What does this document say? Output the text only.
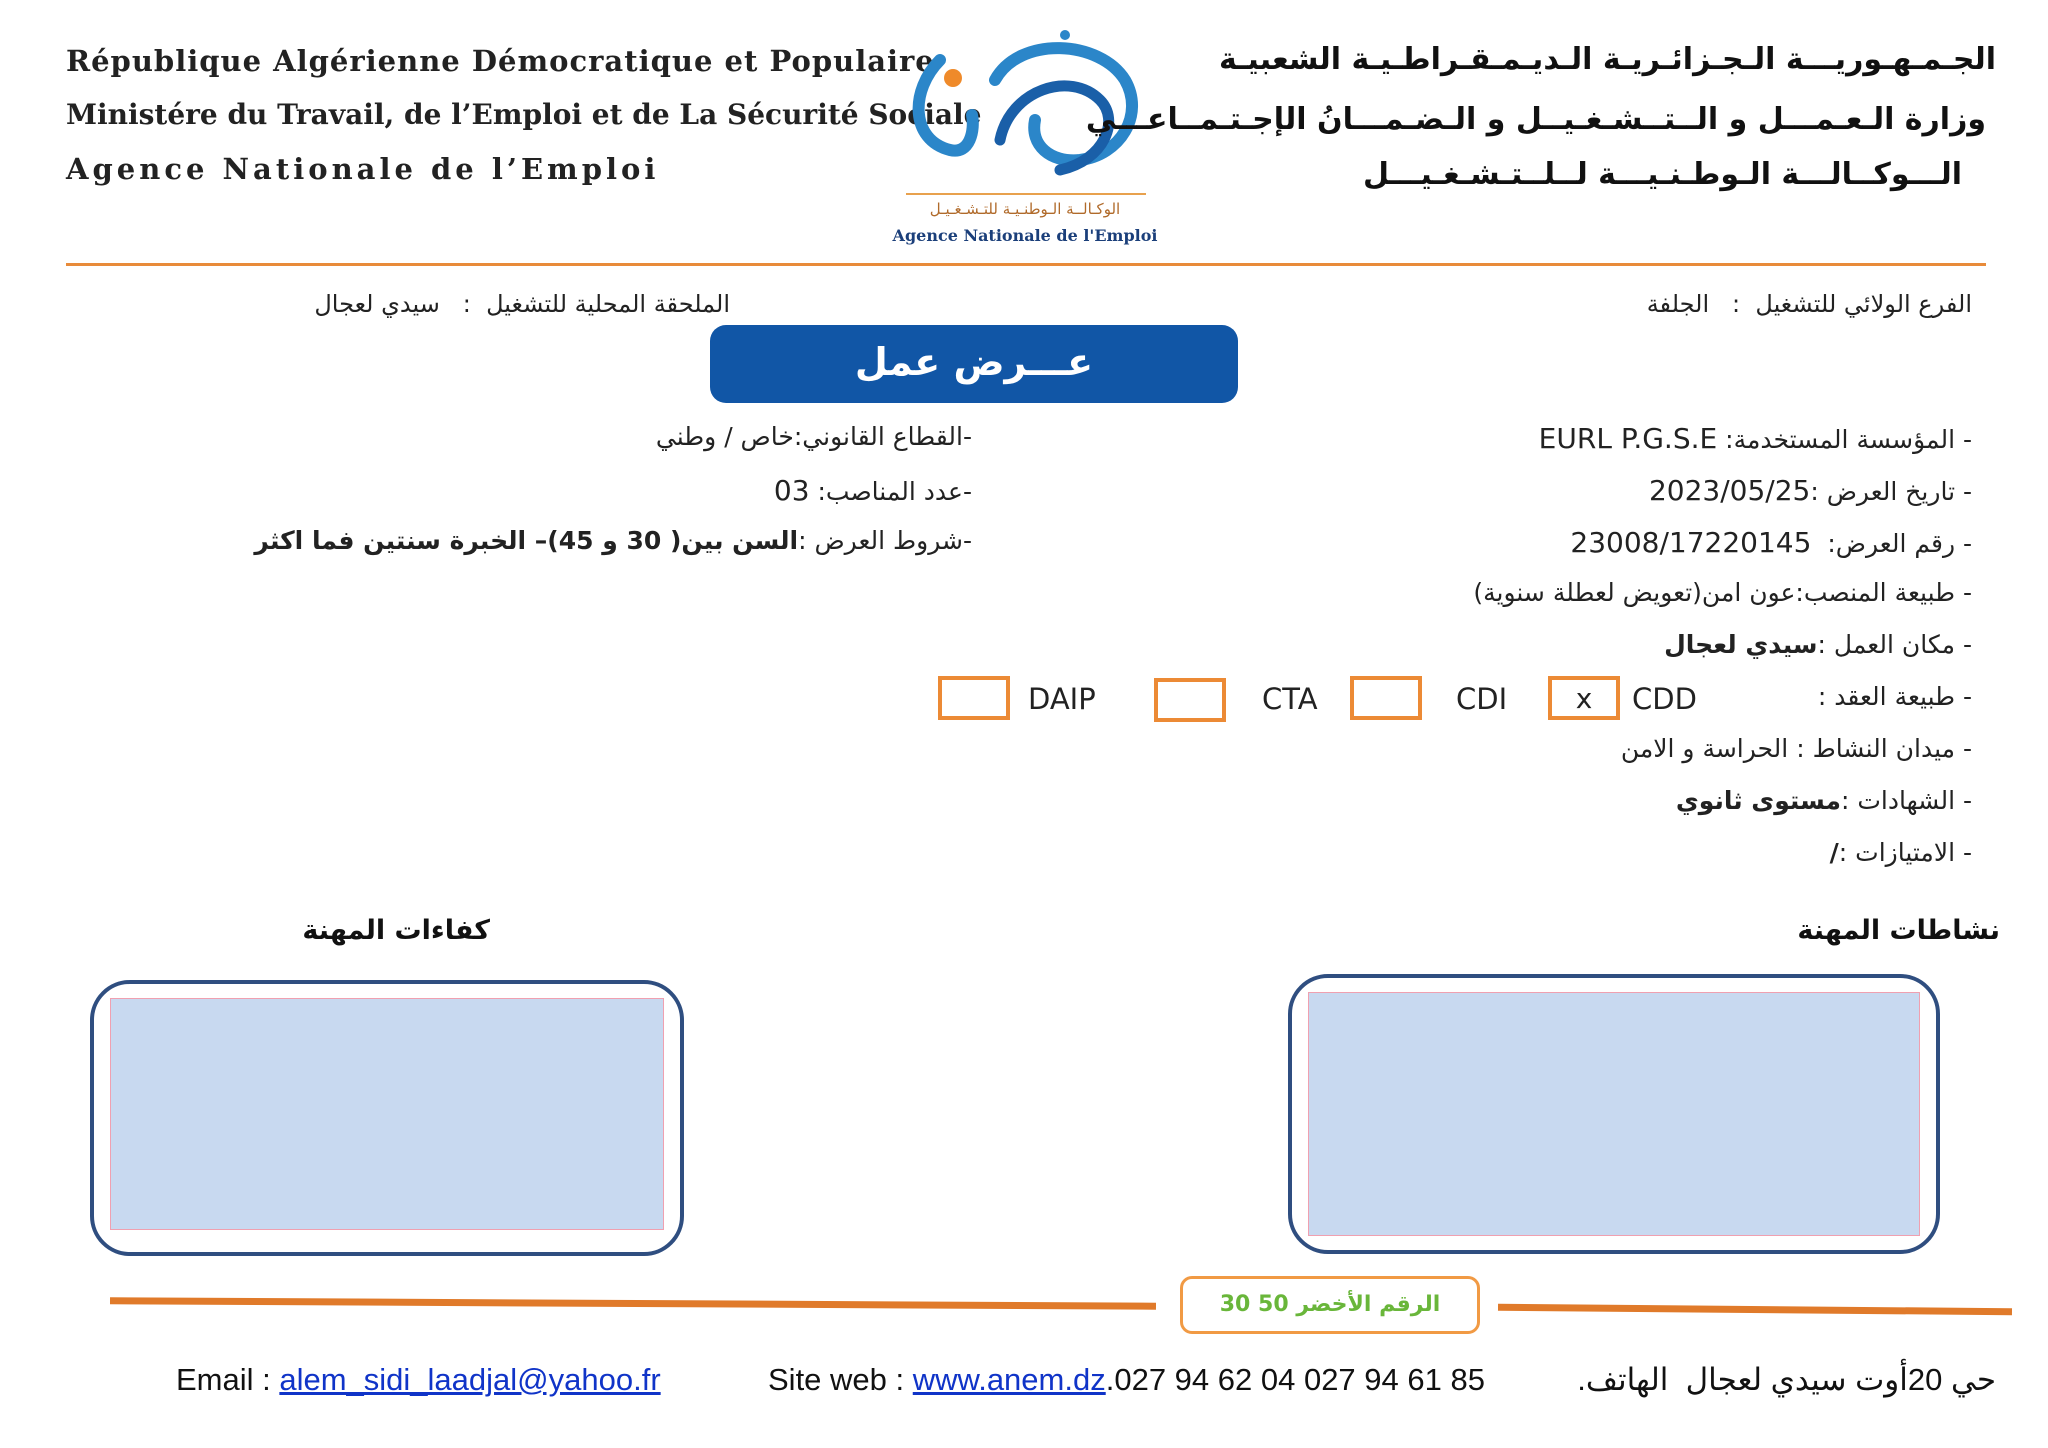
République Algérienne Démocratique et Populaire
Ministére du Travail, de l’Emploi et de La Sécurité Sociale
Agence Nationale de l’Emploi
الوكـالــة الـوطنـيـة للتـشـغـيـل
Agence Nationale de l'Emploi
الجـمـهـوريـــة الـجـزائـريـة الـديـمـقـراطـيـة الشعبيـة
وزارة الـعـمـــل و الــتــشـغـيــل و الـضـمـــانُ الإجـتـمــاعـــي
الـــوكــالـــة الـوطـنـيـــة لــلــتـشـغـيـــل
الفرع الولائي للتشغيل  :   الجلفة
الملحقة المحلية للتشغيل  :   سيدي لعجال
عـــرض عمل
- المؤسسة المستخدمة: EURL P.G.S.E
- تاريخ العرض :2023/05/25
- رقم العرض:  23008/17220145
- طبيعة المنصب:عون امن(تعويض لعطلة سنوية)
- مكان العمل :سيدي لعجال
- طبيعة العقد :
- ميدان النشاط : الحراسة و الامن
- الشهادات :مستوى ثانوي
- الامتيازات :/
-القطاع القانوني:خاص / وطني
-عدد المناصب: 03
-شروط العرض :السن بين( 30 و 45)– الخبرة سنتين فما اكثر
CDD
x
CDI
CTA
DAIP
نشاطات المهنة
كفاءات المهنة
الرقم الأخضر 50 30
Email : alem_sidi_laadjal@yahoo.fr	Site web : www.anem.dz.027 94 62 04 027 94 61 85	حي 20أوت سيدي لعجال  الهاتف.
